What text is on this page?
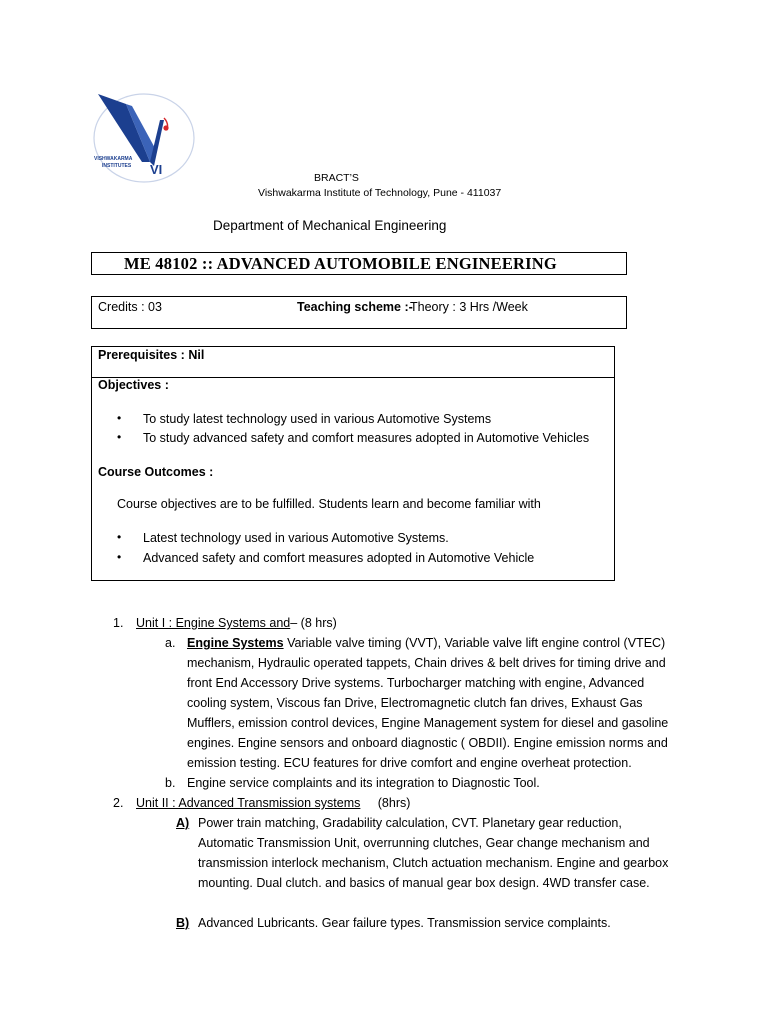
VISHWAKARMA
INSTITUTES VI
BRACT’S
Vishwakarma Institute of Technology, Pune - 411037
Department of Mechanical Engineering
ME 48102 :: ADVANCED AUTOMOBILE ENGINEERING
Credits : 03	Teaching scheme :-
Theory : 3 Hrs /Week
Prerequisites : Nil
Objectives :
• To study latest technology used in various Automotive Systems
• To study advanced safety and comfort measures adopted in Automotive Vehicles
Course Outcomes :
Course objectives are to be fulfilled. Students learn and become familiar with
• Latest technology used in various Automotive Systems.
• Advanced safety and comfort measures adopted in Automotive Vehicle
1. Unit I : Engine Systems and– (8 hrs)
a. Engine Systems Variable valve timing (VVT), Variable valve lift engine control (VTEC)
mechanism, Hydraulic operated tappets, Chain drives & belt drives for timing drive and
front End Accessory Drive systems. Turbocharger matching with engine, Advanced
cooling system, Viscous fan Drive, Electromagnetic clutch fan drives, Exhaust Gas
Mufflers, emission control devices, Engine Management system for diesel and gasoline
engines. Engine sensors and onboard diagnostic ( OBDII). Engine emission norms and
emission testing. ECU features for drive comfort and engine overheat protection.
b. Engine service complaints and its integration to Diagnostic Tool.
2. Unit II : Advanced Transmission systems (8hrs)
A) Power train matching, Gradability calculation, CVT. Planetary gear reduction,
Automatic Transmission Unit, overrunning clutches, Gear change mechanism and
transmission interlock mechanism, Clutch actuation mechanism. Engine and gearbox
mounting. Dual clutch. and basics of manual gear box design. 4WD transfer case.
B) Advanced Lubricants. Gear failure types. Transmission service complaints.
